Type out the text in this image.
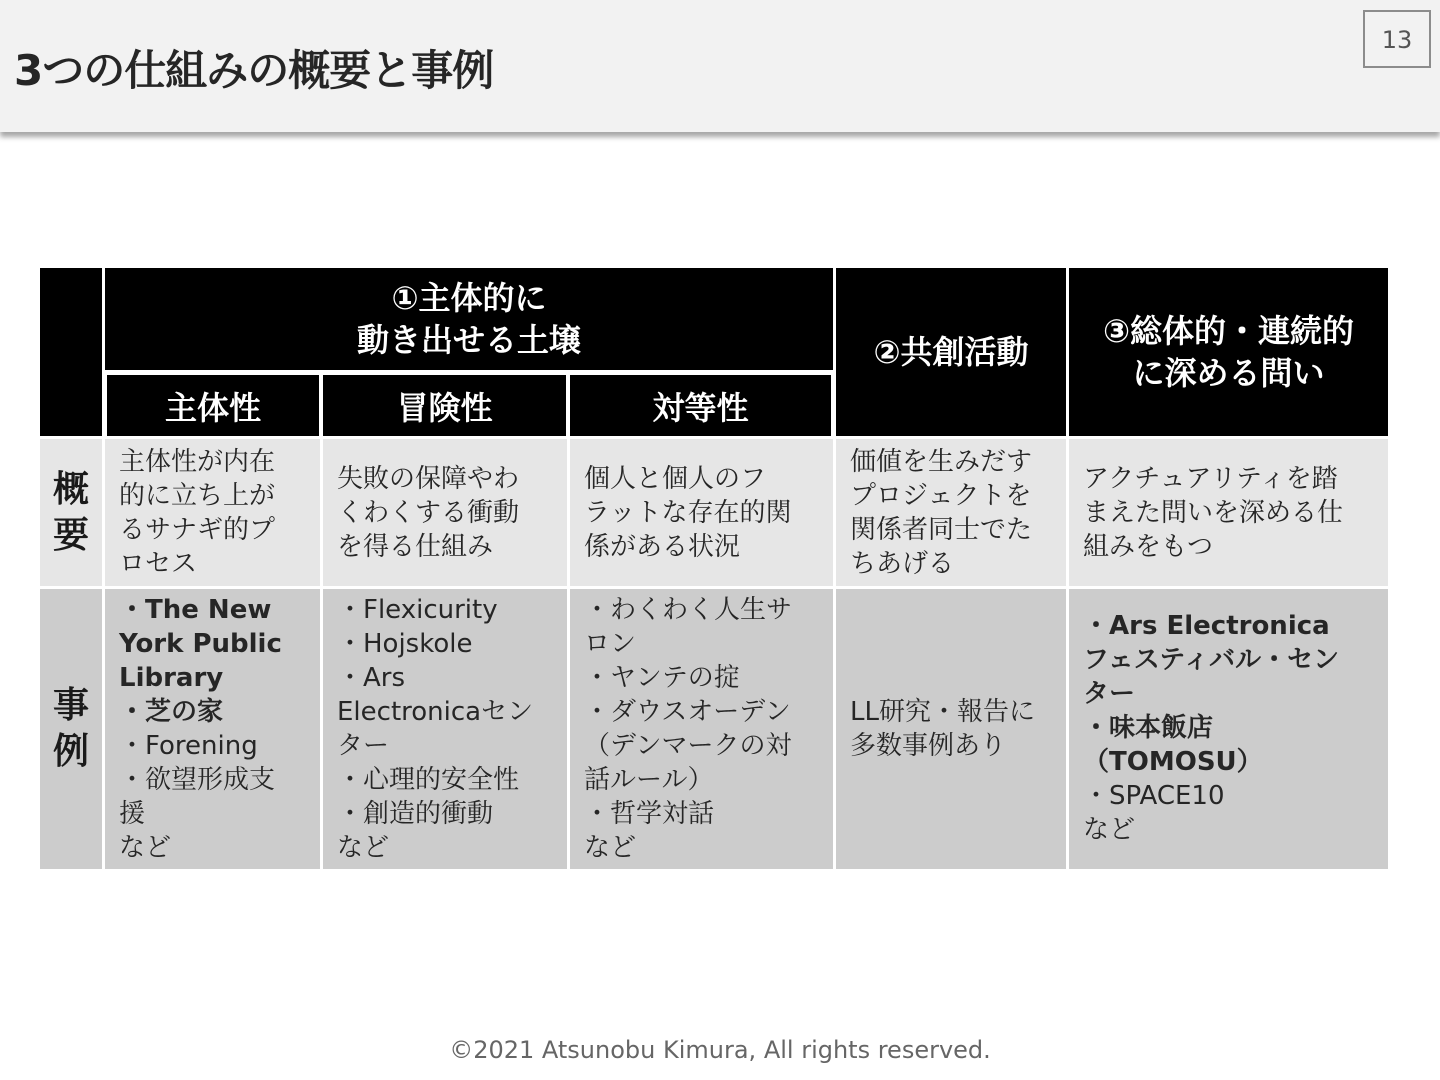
3つの仕組みの概要と事例
13
①主体的に
動き出せる土壌
主体性	冒険性	対等性
②共創活動
③総体的・連続的
に深める問い
概
要
主体性が内在
的に立ち上が
るサナギ的プ
ロセス
失敗の保障やわ
くわくする衝動
を得る仕組み
個人と個人のフ
ラットな存在的関
係がある状況
価値を生みだす
プロジェクトを
関係者同士でた
ちあげる
アクチュアリティを踏
まえた問いを深める仕
組みをもつ
事
例
・The New
York Public
Library
・芝の家
・Forening
・欲望形成支
援
など
・Flexicurity
・Hojskole
・Ars
Electronicaセン
ター
・心理的安全性
・創造的衝動
など
・わくわく人生サ
ロン
・ヤンテの掟
・ダウスオーデン
（デンマークの対
話ルール）
・哲学対話
など
LL研究・報告に
多数事例あり
・Ars Electronica
フェスティバル・セン
ター
・味本飯店
（TOMOSU）
・SPACE10
など
©2021 Atsunobu Kimura, All rights reserved.
